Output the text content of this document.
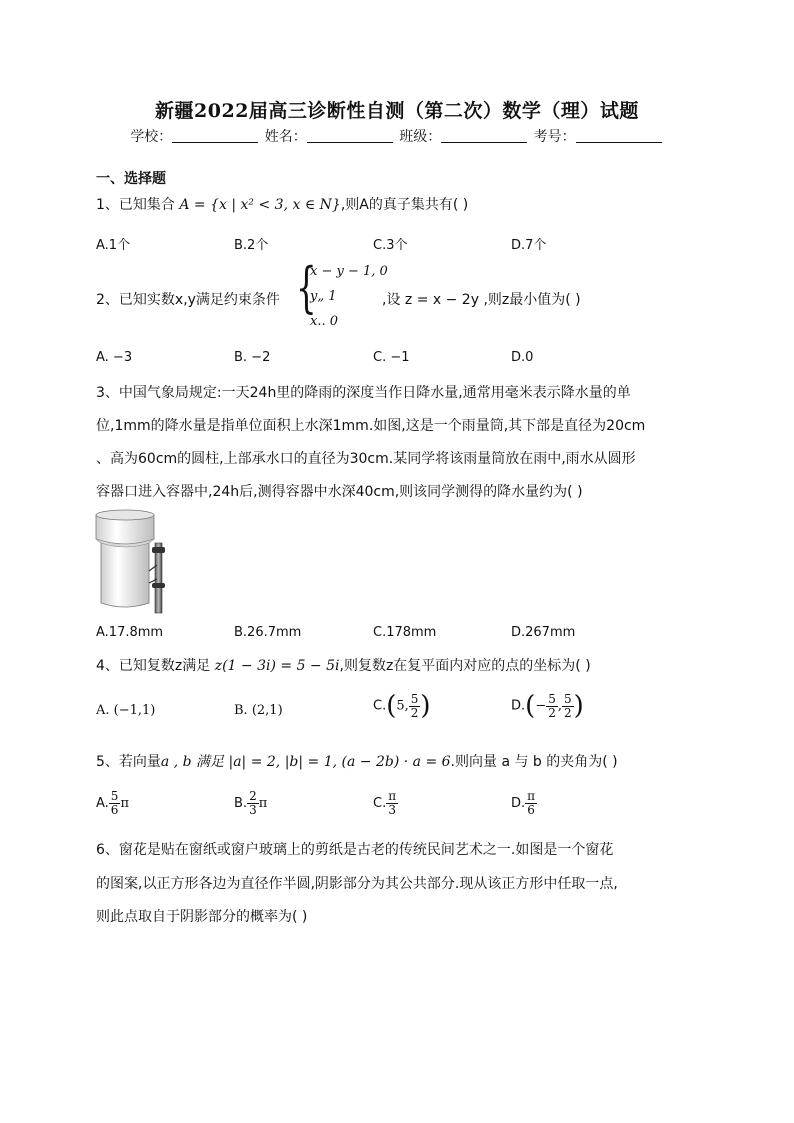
新疆2022届高三诊断性自测（第二次）数学（理）试题
学校：	姓名：	班级：	考号：
一、选择题
1、已知集合 A = {x | x² < 3, x ∈ N},则A的真子集共有( )
A.1个	B.2个	C.3个	D.7个
2、已知实数x,y满足约束条件 {
x − y − 1, 0
y„ 1
x.. 0
,设 z = x − 2y ,则z最小值为( )
A. −3	B. −2	C. −1	D.0
3、中国气象局规定:一天24h里的降雨的深度当作日降水量,通常用毫米表示降水量的单
位,1mm的降水量是指单位面积上水深1mm.如图,这是一个雨量筒,其下部是直径为20cm
、高为60cm的圆柱,上部承水口的直径为30cm.某同学将该雨量筒放在雨中,雨水从圆形
容器口进入容器中,24h后,测得容器中水深40cm,则该同学测得的降水量约为( )
A.17.8mm	B.26.7mm	C.178mm	D.267mm
4、已知复数z满足 z(1 − 3i) = 5 − 5i,则复数z在复平面内对应的点的坐标为( )
A. (−1,1)	B. (2,1)	C.(5, $\frac{5}{2}$ )	$D.(- \frac{5}{2}$ , $\frac{5}{2}$ )
5、若向量a , b 满足 |a| = 2, |b| = 1, (a − 2b) · a = 6.则向量 a 与 b 的夹角为( )
A. $\frac{5}{6}$ π	B. $\frac{2}{3}$ π	C. $\frac{\pi}{3}$	D. $\frac{\pi}{6}$
6、窗花是贴在窗纸或窗户玻璃上的剪纸是古老的传统民间艺术之一.如图是一个窗花
的图案,以正方形各边为直径作半圆,阴影部分为其公共部分.现从该正方形中任取一点,
则此点取自于阴影部分的概率为( )
